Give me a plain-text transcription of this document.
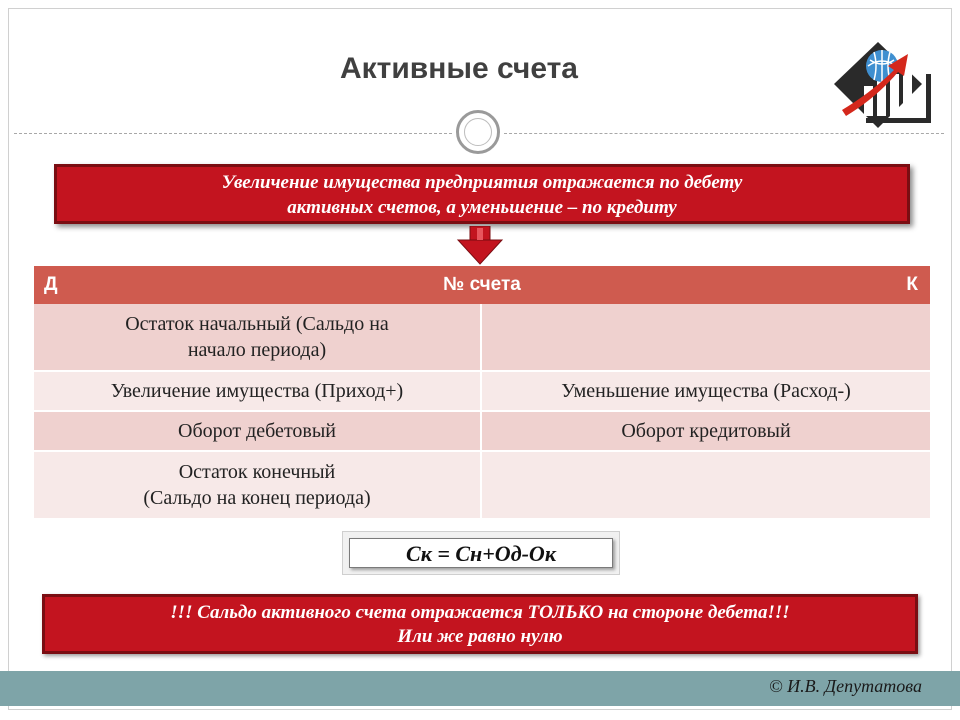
Активные счета
Увеличение имущества предприятия отражается по дебету
активных счетов, а уменьшение – по кредиту
Д	№ счета	К
Остаток начальный (Сальдо на
начало периода)
Увеличение имущества (Приход+)	Уменьшение имущества (Расход-)
Оборот дебетовый	Оборот кредитовый
Остаток конечный
(Сальдо на конец периода)
Ск = Сн+Од-Ок
!!! Сальдо активного счета отражается ТОЛЬКО на стороне дебета!!!
Или же равно нулю
© И.В. Депутатова
